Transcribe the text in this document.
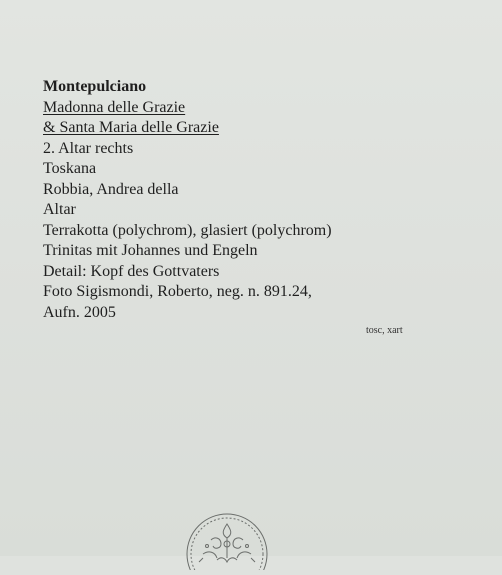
Montepulciano
Madonna delle Grazie
& Santa Maria delle Grazie
2. Altar rechts
Toskana
Robbia, Andrea della
Altar
Terrakotta (polychrom), glasiert (polychrom)
Trinitas mit Johannes und Engeln
Detail: Kopf des Gottvaters
Foto Sigismondi, Roberto, neg. n. 891.24,
Aufn. 2005
tosc, xart
